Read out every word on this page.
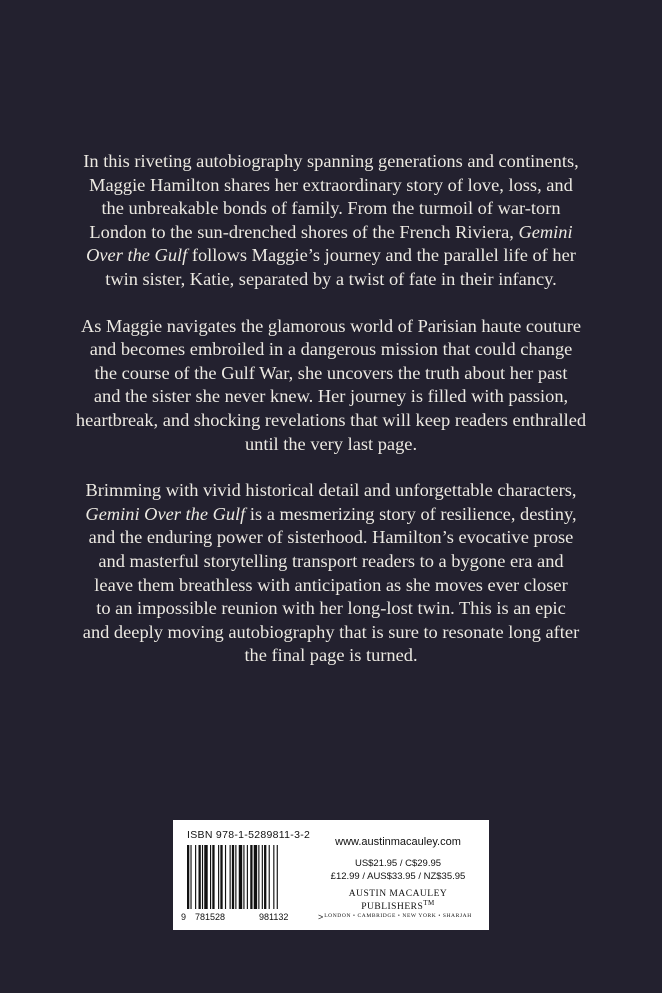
In this riveting autobiography spanning generations and continents,
Maggie Hamilton shares her extraordinary story of love, loss, and
the unbreakable bonds of family. From the turmoil of war-torn
London to the sun-drenched shores of the French Riviera, Gemini
Over the Gulf follows Maggie’s journey and the parallel life of her
twin sister, Katie, separated by a twist of fate in their infancy.

As Maggie navigates the glamorous world of Parisian haute couture
and becomes embroiled in a dangerous mission that could change
the course of the Gulf War, she uncovers the truth about her past
and the sister she never knew. Her journey is filled with passion,
heartbreak, and shocking revelations that will keep readers enthralled
until the very last page.

Brimming with vivid historical detail and unforgettable characters,
Gemini Over the Gulf is a mesmerizing story of resilience, destiny,
and the enduring power of sisterhood. Hamilton’s evocative prose
and masterful storytelling transport readers to a bygone era and
leave them breathless with anticipation as she moves ever closer
to an impossible reunion with her long-lost twin. This is an epic
and deeply moving autobiography that is sure to resonate long after
the final page is turned.

ISBN 978-1-5289811-3-2
9 781528	981132	>
www.austinmacauley.com
US$21.95 / C$29.95
£12.99 / AUS$33.95 / NZ$35.95
AUSTIN MACAULEY PUBLISHERS™
LONDON • CAMBRIDGE • NEW YORK • SHARJAH
